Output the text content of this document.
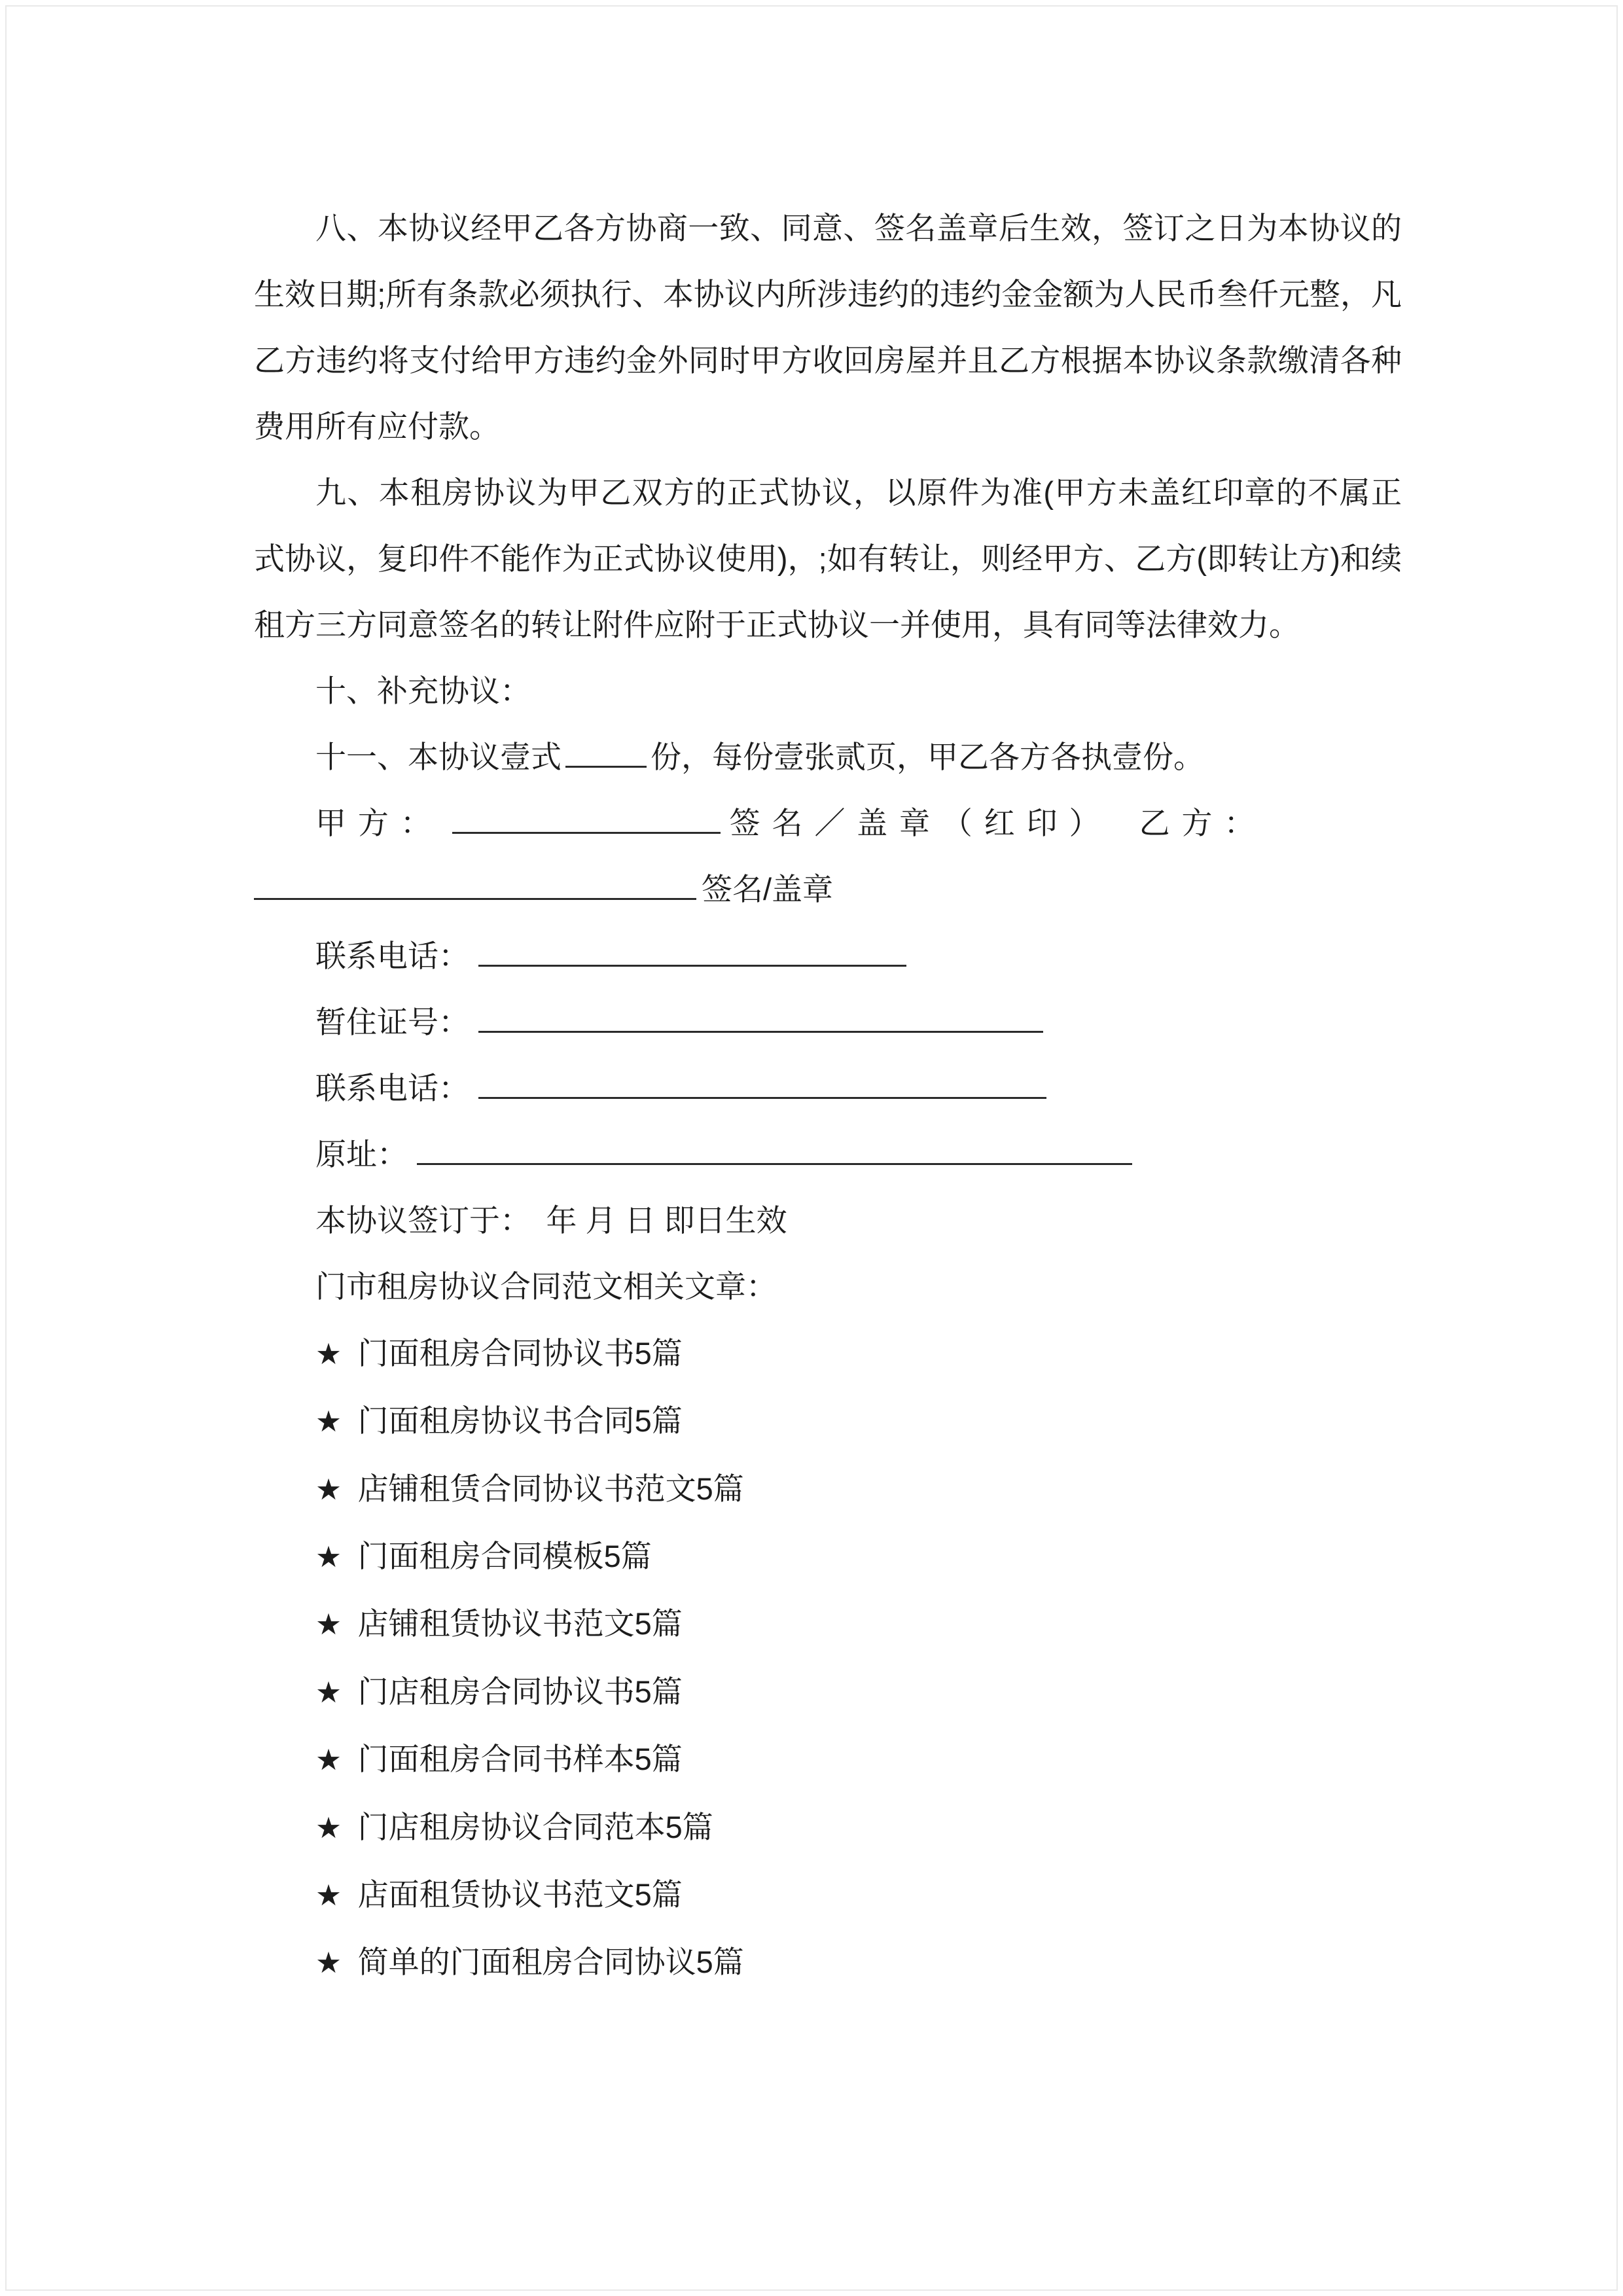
八、本协议经甲乙各方协商一致、同意、签名盖章后生效，签订之日为本协议的生效日期;所有条款必须执行、本协议内所涉违约的违约金金额为人民币叁仟元整，凡乙方违约将支付给甲方违约金外同时甲方收回房屋并且乙方根据本协议条款缴清各种费用所有应付款。

九、本租房协议为甲乙双方的正式协议，以原件为准(甲方未盖红印章的不属正式协议，复印件不能作为正式协议使用)，;如有转让，则经甲方、乙方(即转让方)和续租方三方同意签名的转让附件应附于正式协议一并使用，具有同等法律效力。

十、补充协议：

十一、本协议壹式	份，每份壹张贰页，甲乙各方各执壹份。

甲方：	签名／盖章（红印） 乙方：

签名/盖章

联系电话：

暂住证号：

联系电话：

原址：

本协议签订于：　年 月 日 即日生效

门市租房协议合同范文相关文章：

★ 门面租房合同协议书5篇
★ 门面租房协议书合同5篇
★ 店铺租赁合同协议书范文5篇
★ 门面租房合同模板5篇
★ 店铺租赁协议书范文5篇
★ 门店租房合同协议书5篇
★ 门面租房合同书样本5篇
★ 门店租房协议合同范本5篇
★ 店面租赁协议书范文5篇
★ 简单的门面租房合同协议5篇
